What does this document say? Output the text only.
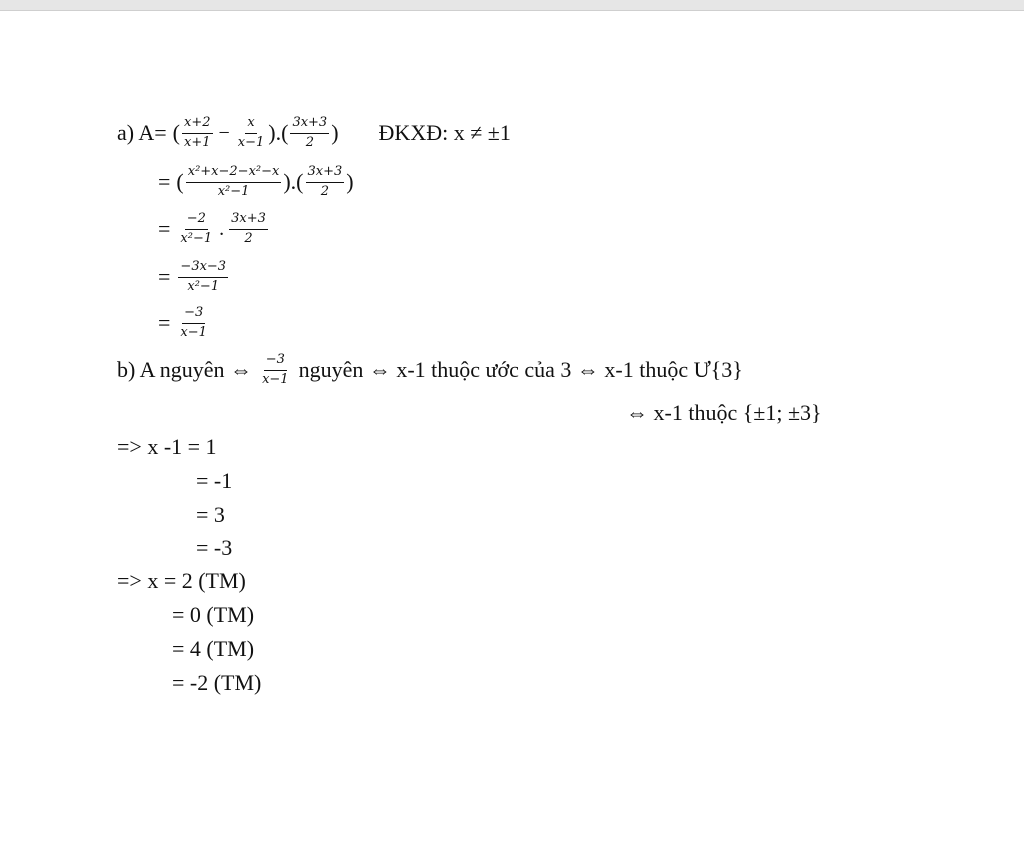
a) A= ( $\frac{x+2}{x+1} - \frac{x}{x-1}$ ).( $\frac{3x+3}{2}$ ) ĐKXĐ: x ≠ ±1
= ( $\frac{\text{x²+x−2−x²−x}}{\text{x²−1}}$ ).( $\frac{3x+3}{2}$ )
= $\frac{-2}{\text{x²−1}}$ . $\frac{3x+3}{2}$
= $\frac{-3x-3}{\text{x²−1}}$
= $\frac{-3}{x-1}$
b) A nguyên ⇔ $\frac{-3}{x-1}$ nguyên ⇔ x-1 thuộc ước của 3 ⇔ x-1 thuộc Ư{3}
⇔ x-1 thuộc {±1; ±3}
=> x -1 = 1
= -1
= 3
= -3
=> x = 2 (TM)
= 0 (TM)
= 4 (TM)
= -2 (TM)
